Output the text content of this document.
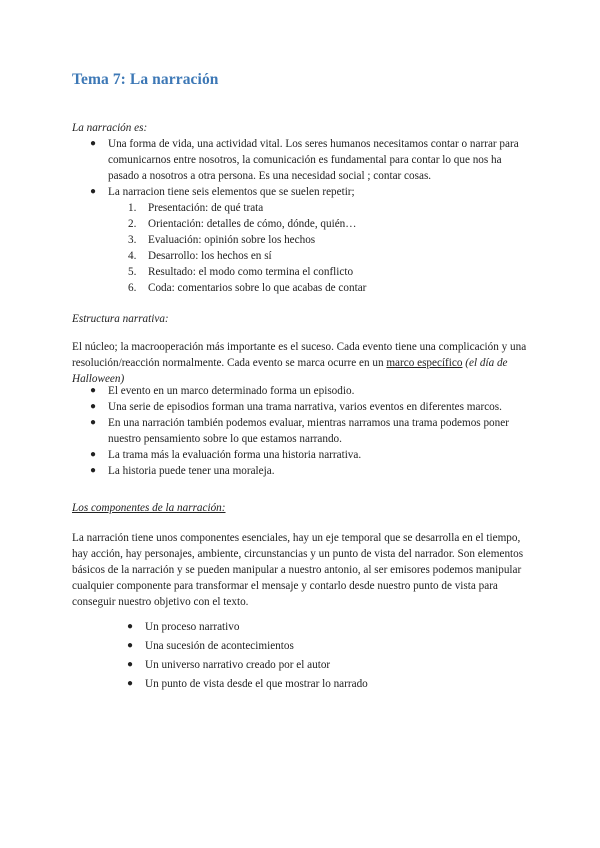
Tema 7: La narración
La narración es:
● Una forma de vida, una actividad vital. Los seres humanos necesitamos contar o narrar para comunicarnos entre nosotros, la comunicación es fundamental para contar lo que nos ha pasado a nosotros a otra persona. Es una necesidad social ; contar cosas.
● La narracion tiene seis elementos que se suelen repetir;
1. Presentación: de qué trata
2. Orientación: detalles de cómo, dónde, quién…
3. Evaluación: opinión sobre los hechos
4. Desarrollo: los hechos en sí
5. Resultado: el modo como termina el conflicto
6. Coda: comentarios sobre lo que acabas de contar
Estructura narrativa:
El núcleo; la macrooperación más importante es el suceso. Cada evento tiene una complicación y una resolución/reacción normalmente. Cada evento se marca ocurre en un marco específico (el día de Halloween)
● El evento en un marco determinado forma un episodio.
● Una serie de episodios forman una trama narrativa, varios eventos en diferentes marcos.
● En una narración también podemos evaluar, mientras narramos una trama podemos poner nuestro pensamiento sobre lo que estamos narrando.
● La trama más la evaluación forma una historia narrativa.
● La historia puede tener una moraleja.
Los componentes de la narración:
La narración tiene unos componentes esenciales, hay un eje temporal que se desarrolla en el tiempo, hay acción, hay personajes, ambiente, circunstancias y un punto de vista del narrador. Son elementos básicos de la narración y se pueden manipular a nuestro antonio, al ser emisores podemos manipular cualquier componente para transformar el mensaje y contarlo desde nuestro punto de vista para conseguir nuestro objetivo con el texto.
● Un proceso narrativo
● Una sucesión de acontecimientos
● Un universo narrativo creado por el autor
● Un punto de vista desde el que mostrar lo narrado
